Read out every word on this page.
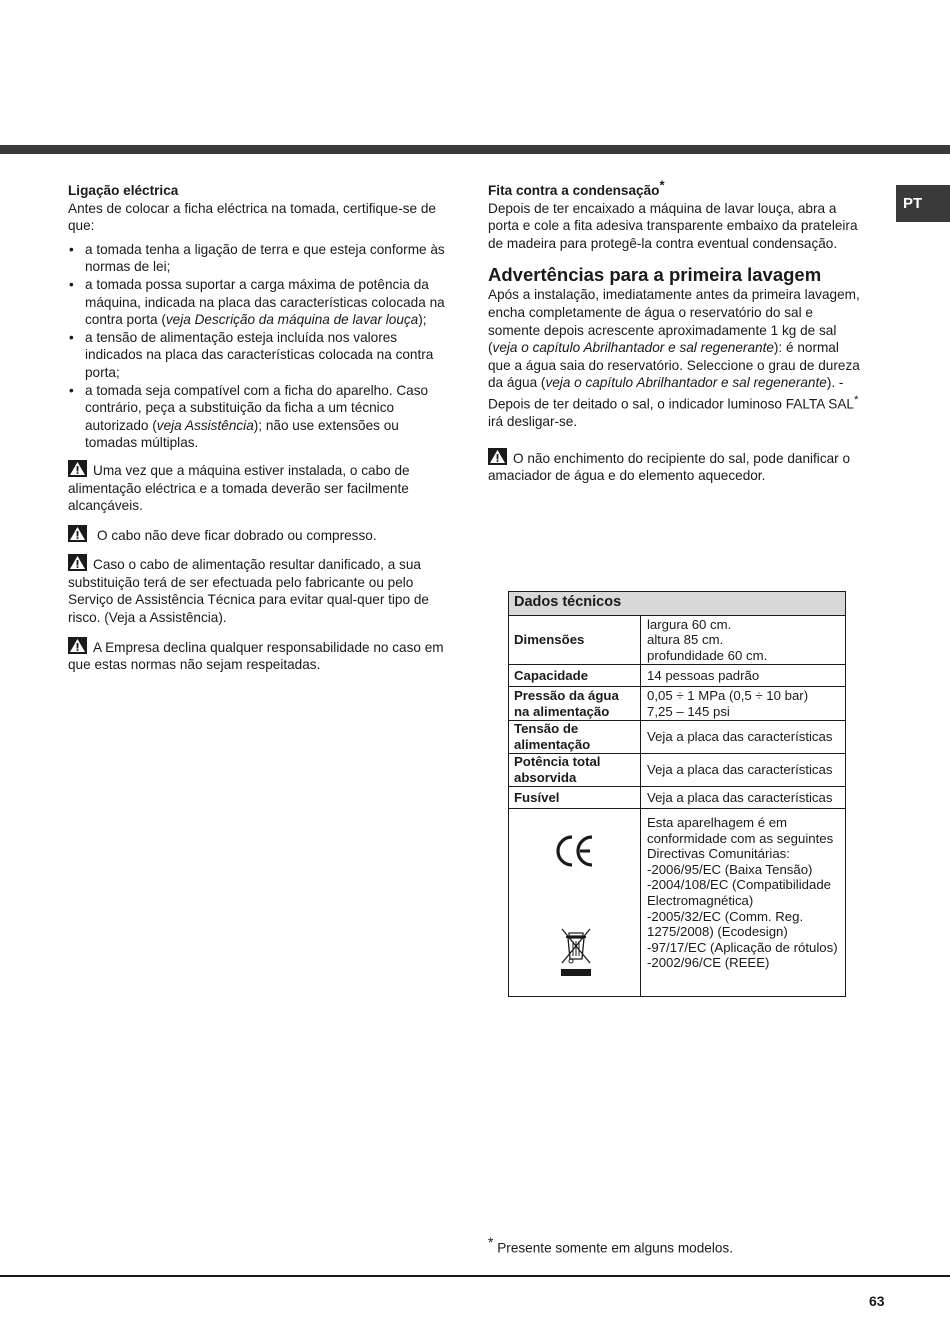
PT
Ligação eléctrica

Antes de colocar a ficha eléctrica na tomada, certifique-se de que:

• a tomada tenha a ligação de terra e que esteja conforme às normas de lei;
• a tomada possa suportar a carga máxima de potência da máquina, indicada na placa das características colocada na contra porta (veja Descrição da máquina de lavar louça);
• a tensão de alimentação esteja incluída nos valores indicados na placa das características colocada na contra porta;
• a tomada seja compatível com a ficha do aparelho. Caso contrário, peça a substituição da ficha a um técnico autorizado (veja Assistência); não use extensões ou tomadas múltiplas.

Uma vez que a máquina estiver instalada, o cabo de alimentação eléctrica e a tomada deverão ser facilmente alcançáveis.

O cabo não deve ficar dobrado ou compresso.

Caso o cabo de alimentação resultar danificado, a sua substituição terá de ser efectuada pelo fabricante ou pelo Serviço de Assistência Técnica para evitar qual-quer tipo de risco. (Veja a Assistência).

A Empresa declina qualquer responsabilidade no caso em que estas normas não sejam respeitadas.

Fita contra a condensação*

Depois de ter encaixado a máquina de lavar louça, abra a porta e cole a fita adesiva transparente embaixo da prateleira de madeira para protegê-la contra eventual condensação.

Advertências para a primeira lavagem

Após a instalação, imediatamente antes da primeira lavagem, encha completamente de água o reservatório do sal e somente depois acrescente aproximadamente 1 kg de sal (veja o capítulo Abrilhantador e sal regenerante): é normal que a água saia do reservatório. Seleccione o grau de dureza da água (veja o capítulo Abrilhantador e sal regenerante). - Depois de ter deitado o sal, o indicador luminoso FALTA SAL* irá desligar-se.

O não enchimento do recipiente do sal, pode danificar o amaciador de água e do elemento aquecedor.

Dados técnicos
Dimensões
largura 60 cm.
altura 85 cm.
profundidade 60 cm.
Capacidade	14 pessoas padrão
Pressão da água na alimentação
0,05 ÷ 1 MPa (0,5 ÷ 10 bar)
7,25 – 145 psi
Tensão de alimentação
Veja a placa das características
Potência total absorvida
Veja a placa das características
Fusível	Veja a placa das características
Esta aparelhagem é em conformidade com as seguintes Directivas Comunitárias:
-2006/95/EC (Baixa Tensão)
-2004/108/EC (Compatibilidade Electromagnética)
-2005/32/EC (Comm. Reg. 1275/2008) (Ecodesign)
-97/17/EC (Aplicação de rótulos)
-2002/96/CE (REEE)
* Presente somente em alguns modelos.
63
